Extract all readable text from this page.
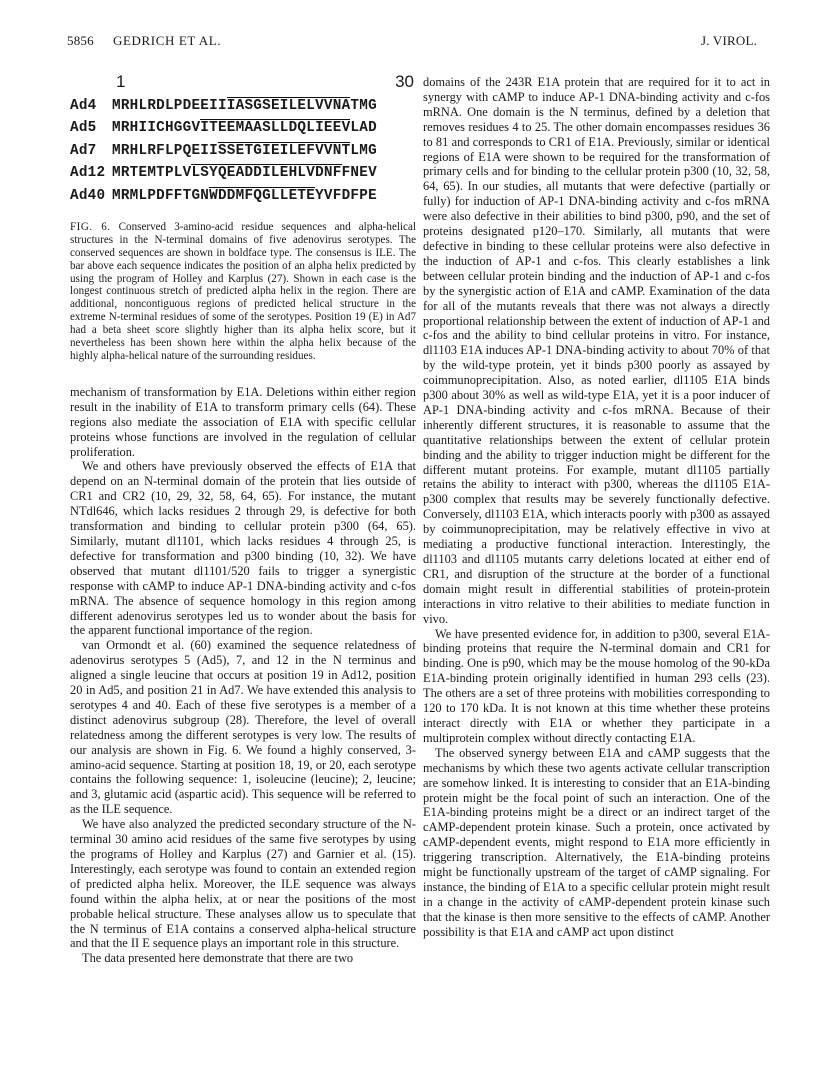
5856 GEDRICH ET AL.	J. VIROL.
1	30
Ad4	MRHLRDLPDEEIIIASGSEILELVVNATMG
Ad5	MRHIICHGGVITEEMAASLLDQLIEEVLAD
Ad7	MRHLRFLPQEIISSETGIEILEFVVNTLMG
Ad12 MRTEMTPLVLSYQEADDILEHLVDNFFNEV
Ad40 MRMLPDFFTGNWDDMFQGLLETEYVFDFPE
FIG. 6. Conserved 3-amino-acid residue sequences and alpha-helical structures in the N-terminal domains of five adenovirus serotypes. The conserved sequences are shown in boldface type. The consensus is ILE. The bar above each sequence indicates the position of an alpha helix predicted by using the program of Holley and Karplus (27). Shown in each case is the longest continuous stretch of predicted alpha helix in the region. There are additional, noncontiguous regions of predicted helical structure in the extreme N-terminal residues of some of the serotypes. Position 19 (E) in Ad7 had a beta sheet score slightly higher than its alpha helix score, but it nevertheless has been shown here within the alpha helix because of the highly alpha-helical nature of the surrounding residues.

mechanism of transformation by E1A. Deletions within either region result in the inability of E1A to transform primary cells (64). These regions also mediate the association of E1A with specific cellular proteins whose functions are involved in the regulation of cellular proliferation.

We and others have previously observed the effects of E1A that depend on an N-terminal domain of the protein that lies outside of CR1 and CR2 (10, 29, 32, 58, 64, 65). For instance, the mutant NTdl646, which lacks residues 2 through 29, is defective for both transformation and binding to cellular protein p300 (64, 65). Similarly, mutant dl1101, which lacks residues 4 through 25, is defective for transformation and p300 binding (10, 32). We have observed that mutant dl1101/520 fails to trigger a synergistic response with cAMP to induce AP-1 DNA-binding activity and c-fos mRNA. The absence of sequence homology in this region among different adenovirus serotypes led us to wonder about the basis for the apparent functional importance of the region.

van Ormondt et al. (60) examined the sequence relatedness of adenovirus serotypes 5 (Ad5), 7, and 12 in the N terminus and aligned a single leucine that occurs at position 19 in Ad12, position 20 in Ad5, and position 21 in Ad7. We have extended this analysis to serotypes 4 and 40. Each of these five serotypes is a member of a distinct adenovirus subgroup (28). Therefore, the level of overall relatedness among the different serotypes is very low. The results of our analysis are shown in Fig. 6. We found a highly conserved, 3-amino-acid sequence. Starting at position 18, 19, or 20, each serotype contains the following sequence: 1, isoleucine (leucine); 2, leucine; and 3, glutamic acid (aspartic acid). This sequence will be referred to as the ILE sequence.

We have also analyzed the predicted secondary structure of the N-terminal 30 amino acid residues of the same five serotypes by using the programs of Holley and Karplus (27) and Garnier et al. (15). Interestingly, each serotype was found to contain an extended region of predicted alpha helix. Moreover, the ILE sequence was always found within the alpha helix, at or near the positions of the most probable helical structure. These analyses allow us to speculate that the N terminus of E1A contains a conserved alpha-helical structure and that the II E sequence plays an important role in this structure.

The data presented here demonstrate that there are two

domains of the 243R E1A protein that are required for it to act in synergy with cAMP to induce AP-1 DNA-binding activity and c-fos mRNA. One domain is the N terminus, defined by a deletion that removes residues 4 to 25. The other domain encompasses residues 36 to 81 and corresponds to CR1 of E1A. Previously, similar or identical regions of E1A were shown to be required for the transformation of primary cells and for binding to the cellular protein p300 (10, 32, 58, 64, 65). In our studies, all mutants that were defective (partially or fully) for induction of AP-1 DNA-binding activity and c-fos mRNA were also defective in their abilities to bind p300, p90, and the set of proteins designated p120–170. Similarly, all mutants that were defective in binding to these cellular proteins were also defective in the induction of AP-1 and c-fos. This clearly establishes a link between cellular protein binding and the induction of AP-1 and c-fos by the synergistic action of E1A and cAMP. Examination of the data for all of the mutants reveals that there was not always a directly proportional relationship between the extent of induction of AP-1 and c-fos and the ability to bind cellular proteins in vitro. For instance, dl1103 E1A induces AP-1 DNA-binding activity to about 70% of that by the wild-type protein, yet it binds p300 poorly as assayed by coimmunoprecipitation. Also, as noted earlier, dl1105 E1A binds p300 about 30% as well as wild-type E1A, yet it is a poor inducer of AP-1 DNA-binding activity and c-fos mRNA. Because of their inherently different structures, it is reasonable to assume that the quantitative relationships between the extent of cellular protein binding and the ability to trigger induction might be different for the different mutant proteins. For example, mutant dl1105 partially retains the ability to interact with p300, whereas the dl1105 E1A-p300 complex that results may be severely functionally defective. Conversely, dl1103 E1A, which interacts poorly with p300 as assayed by coimmunoprecipitation, may be relatively effective in vivo at mediating a productive functional interaction. Interestingly, the dl1103 and dl1105 mutants carry deletions located at either end of CR1, and disruption of the structure at the border of a functional domain might result in differential stabilities of protein-protein interactions in vitro relative to their abilities to mediate function in vivo.

We have presented evidence for, in addition to p300, several E1A-binding proteins that require the N-terminal domain and CR1 for binding. One is p90, which may be the mouse homolog of the 90-kDa E1A-binding protein originally identified in human 293 cells (23). The others are a set of three proteins with mobilities corresponding to 120 to 170 kDa. It is not known at this time whether these proteins interact directly with E1A or whether they participate in a multiprotein complex without directly contacting E1A.

The observed synergy between E1A and cAMP suggests that the mechanisms by which these two agents activate cellular transcription are somehow linked. It is interesting to consider that an E1A-binding protein might be the focal point of such an interaction. One of the E1A-binding proteins might be a direct or an indirect target of the cAMP-dependent protein kinase. Such a protein, once activated by cAMP-dependent events, might respond to E1A more efficiently in triggering transcription. Alternatively, the E1A-binding proteins might be functionally upstream of the target of cAMP signaling. For instance, the binding of E1A to a specific cellular protein might result in a change in the activity of cAMP-dependent protein kinase such that the kinase is then more sensitive to the effects of cAMP. Another possibility is that E1A and cAMP act upon distinct
